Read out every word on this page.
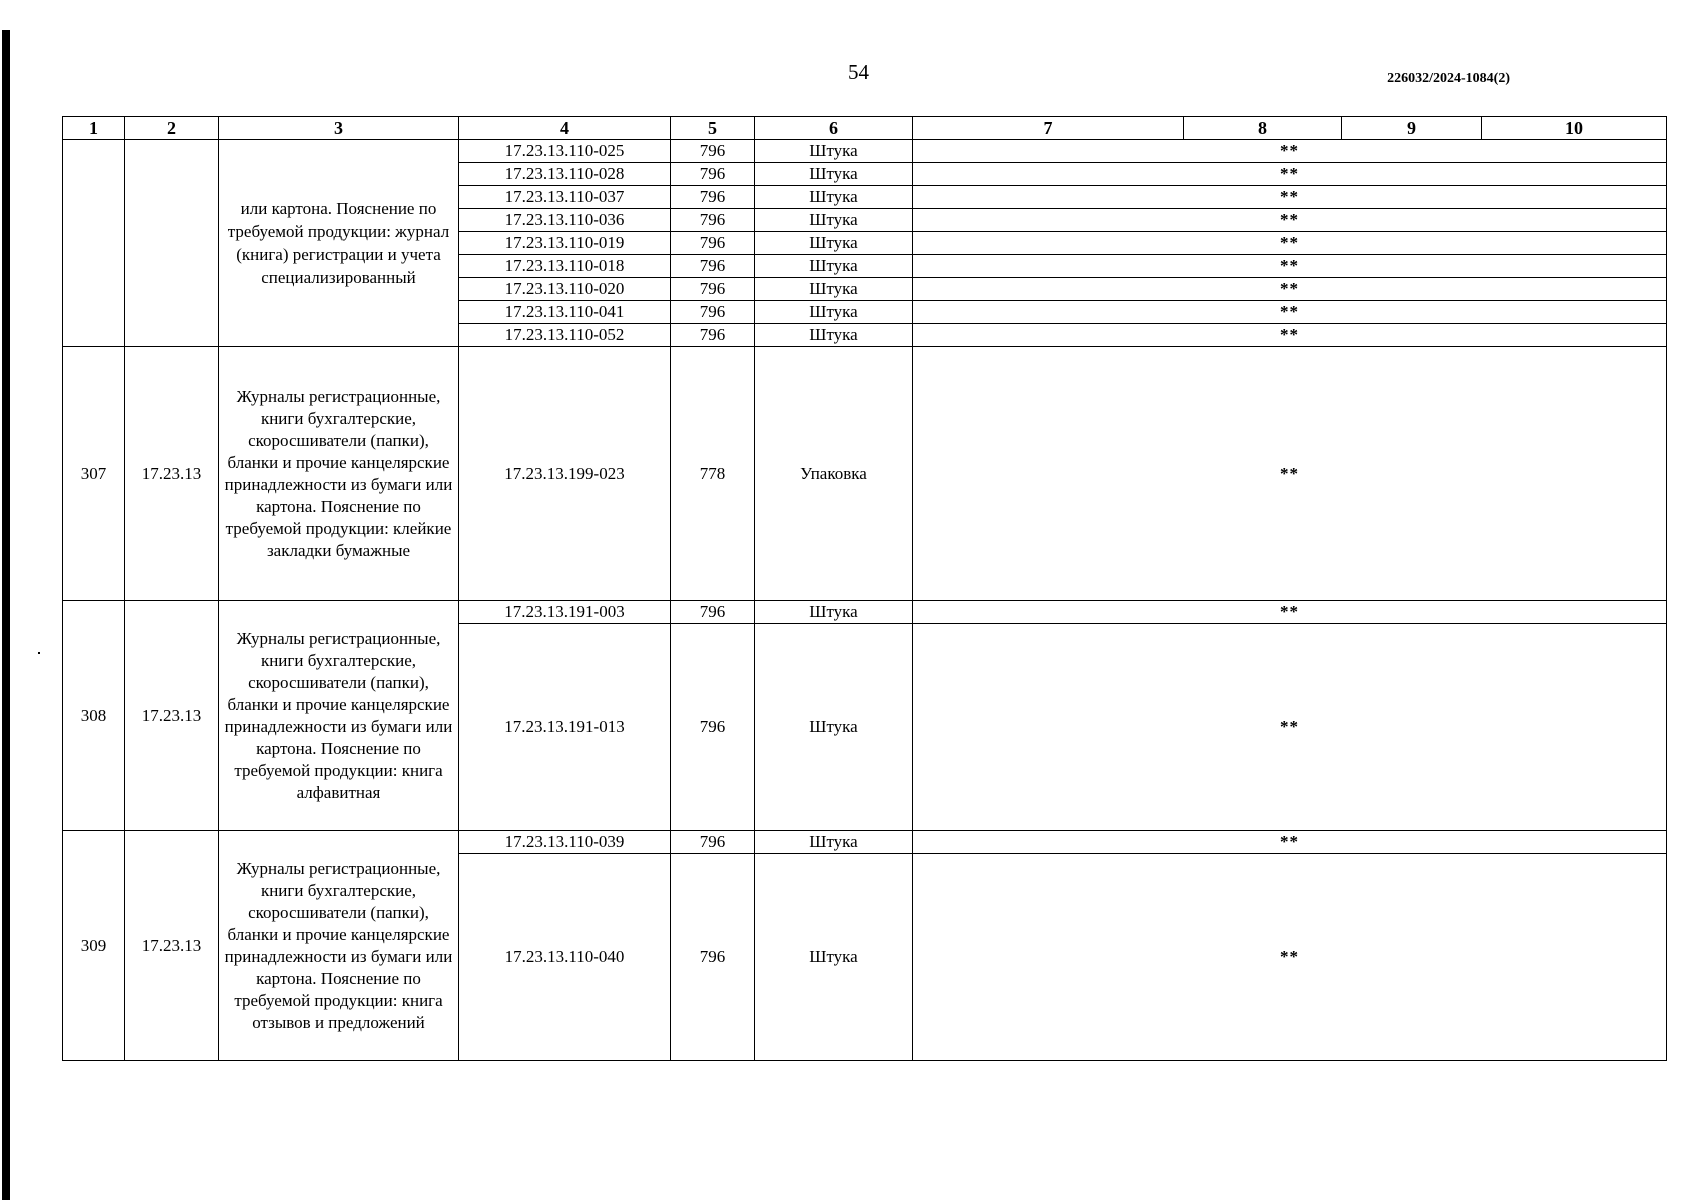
54	226032/2024-1084(2)
1	2	3	4	5	6	7	8	9	10
		или картона. Пояснение по требуемой продукции: журнал (книга) регистрации и учета специализированный	17.23.13.110-025	796	Штука	**			
			17.23.13.110-028	796	Штука	**			
			17.23.13.110-037	796	Штука	**			
			17.23.13.110-036	796	Штука	**			
			17.23.13.110-019	796	Штука	**			
			17.23.13.110-018	796	Штука	**			
			17.23.13.110-020	796	Штука	**			
			17.23.13.110-041	796	Штука	**			
			17.23.13.110-052	796	Штука	**			
307	17.23.13	Журналы регистрационные, книги бухгалтерские, скоросшиватели (папки), бланки и прочие канцелярские принадлежности из бумаги или картона. Пояснение по требуемой продукции: клейкие закладки бумажные	17.23.13.199-023	778	Упаковка	**			
308	17.23.13	Журналы регистрационные, книги бухгалтерские, скоросшиватели (папки), бланки и прочие канцелярские принадлежности из бумаги или картона. Пояснение по требуемой продукции: книга алфавитная	17.23.13.191-003	796	Штука	**			
			17.23.13.191-013	796	Штука	**			
309	17.23.13	Журналы регистрационные, книги бухгалтерские, скоросшиватели (папки), бланки и прочие канцелярские принадлежности из бумаги или картона. Пояснение по требуемой продукции: книга отзывов и предложений	17.23.13.110-039	796	Штука	**			
			17.23.13.110-040	796	Штука	**			
